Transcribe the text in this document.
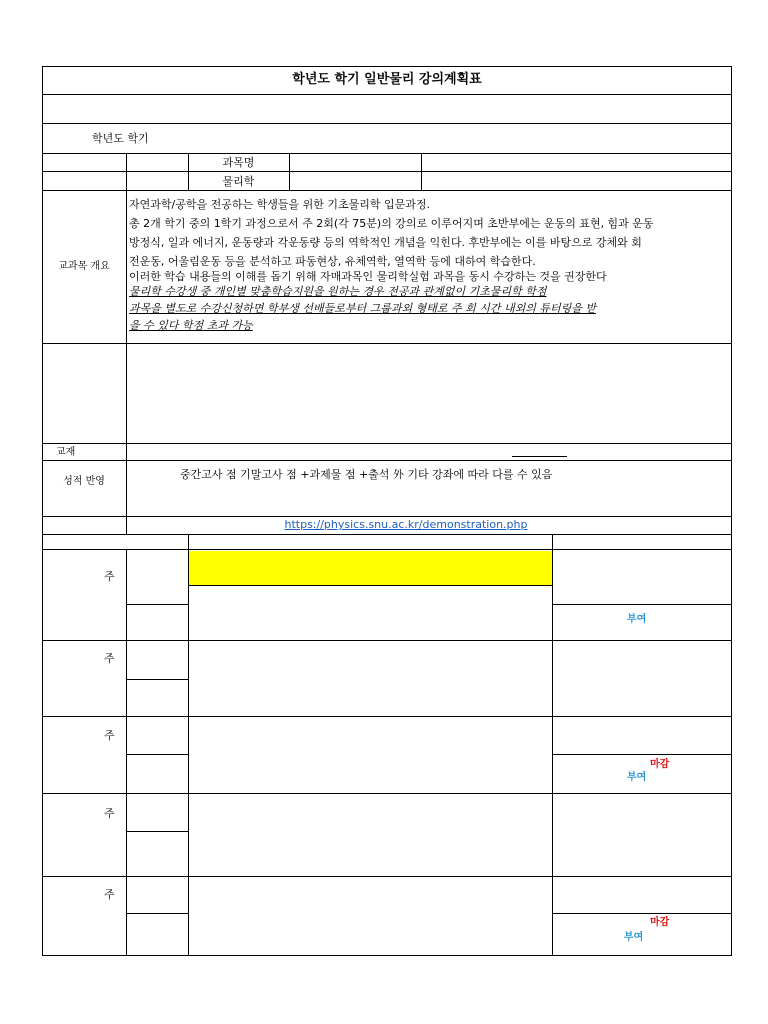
학년도 학기 일반물리 강의계획표
학년도 학기
과목명
물리학
교과목 개요
자연과학/공학을 전공하는 학생들을 위한 기초물리학 입문과정.
총 2개 학기 중의 1학기 과정으로서 주 2회(각 75분)의 강의로 이루어지며 초반부에는 운동의 표현, 힘과 운동
방정식, 일과 에너지, 운동량과 각운동량 등의 역학적인 개념을 익힌다. 후반부에는 이를 바탕으로 강체와 회
전운동, 어울림운동 등을 분석하고 파동현상, 유체역학, 열역학 등에 대하여 학습한다.
이러한 학습 내용들의 이해를 돕기 위해 자매과목인 물리학실험 과목을 동시 수강하는 것을 권장한다
물리학 수강생 중 개인별 맞춤학습지원을 원하는 경우 전공과 관계없이 기초물리학 학점
과목을 별도로 수강신청하면 학부생 선배들로부터 그룹과외 형태로 주 회 시간 내외의 튜터링을 받
을 수 있다 학점 초과 가능
교재
성적 반영
중간고사 점 기말고사 점 +과제물 점 +출석 外 기타 강좌에 따라 다를 수 있음
https://physics.snu.ac.kr/demonstration.php
주
부여
주
주
마감
부여
주
주
마감
부여
